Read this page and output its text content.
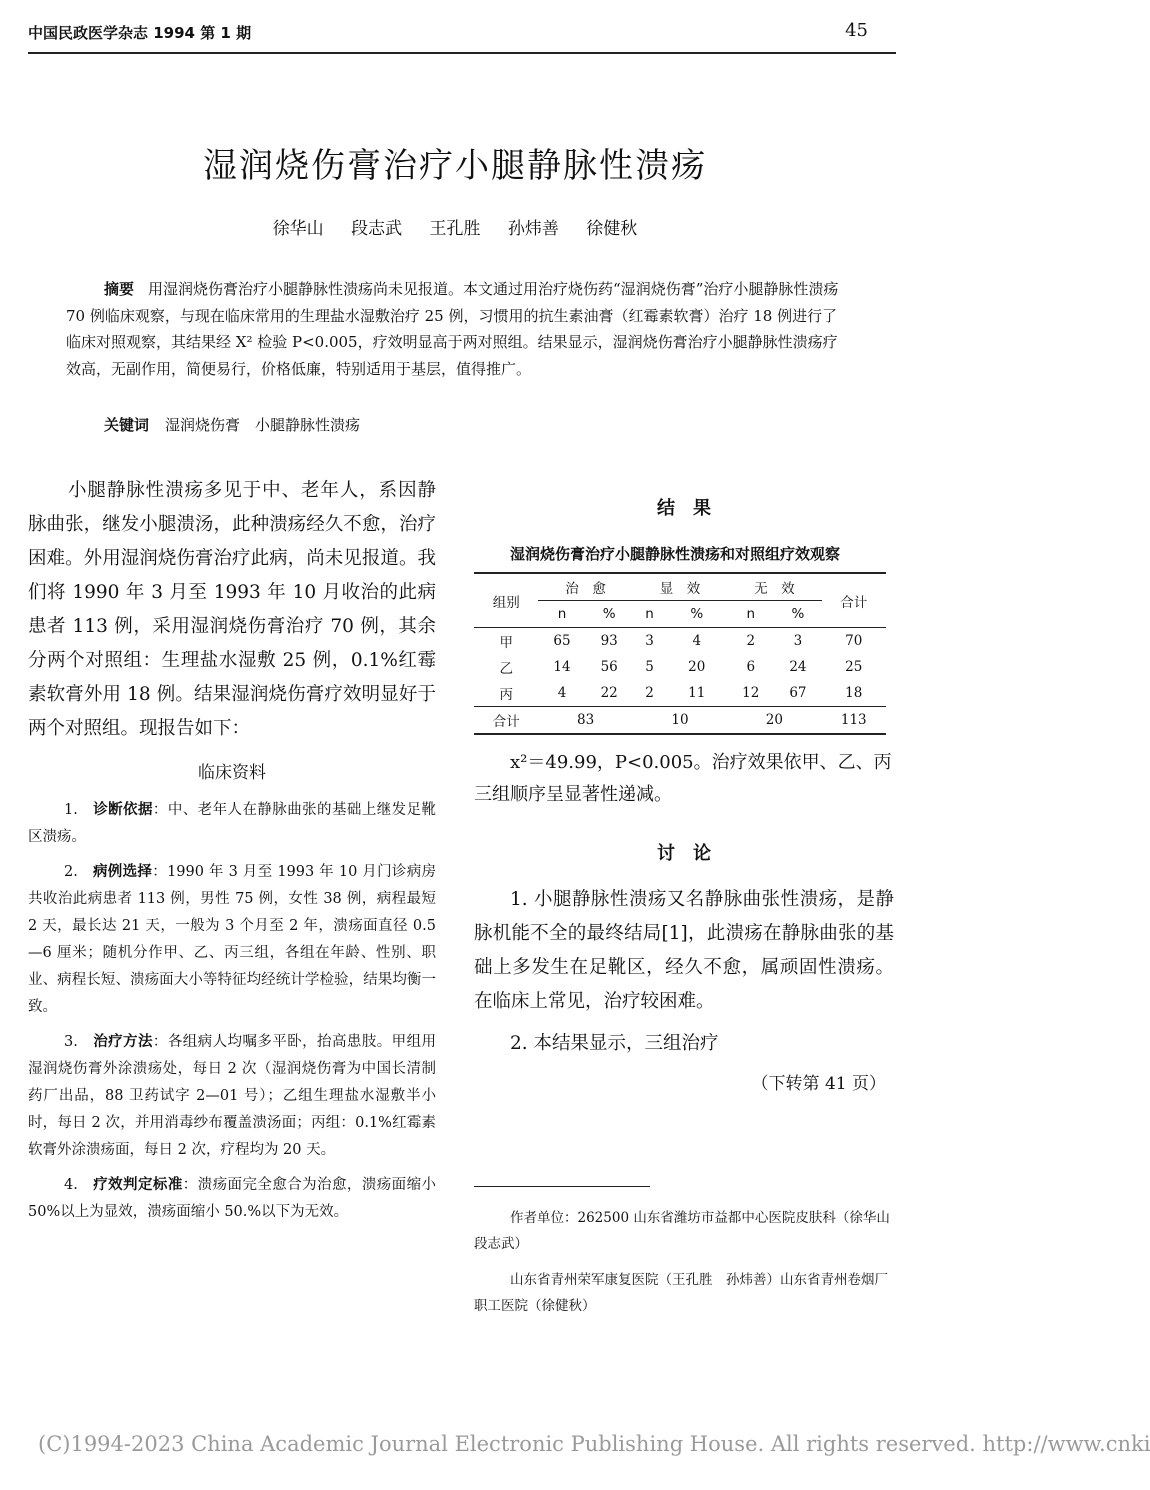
中国民政医学杂志 1994 第 1 期	45
湿润烧伤膏治疗小腿静脉性溃疡
徐华山 段志武 王孔胜 孙炜善 徐健秋
摘要 用湿润烧伤膏治疗小腿静脉性溃疡尚未见报道。本文通过用治疗烧伤药“湿润烧伤膏”治疗小腿静脉性溃疡 70 例临床观察，与现在临床常用的生理盐水湿敷治疗 25 例，习惯用的抗生素油膏（红霉素软膏）治疗 18 例进行了临床对照观察，其结果经 X² 检验 P<0.005，疗效明显高于两对照组。结果显示，湿润烧伤膏治疗小腿静脉性溃疡疗效高，无副作用，简便易行，价格低廉，特别适用于基层，值得推广。
关键词 湿润烧伤膏　小腿静脉性溃疡

小腿静脉性溃疡多见于中、老年人，系因静脉曲张，继发小腿溃汤，此种溃疡经久不愈，治疗困难。外用湿润烧伤膏治疗此病，尚未见报道。我们将 1990 年 3 月至 1993 年 10 月收治的此病患者 113 例，采用湿润烧伤膏治疗 70 例，其余分两个对照组：生理盐水湿敷 25 例，0.1%红霉素软膏外用 18 例。结果湿润烧伤膏疗效明显好于两个对照组。现报告如下：

临床资料

1.　 诊断依据：中、老年人在静脉曲张的基础上继发足靴区溃疡。

2.　 病例选择：1990 年 3 月至 1993 年 10 月门诊病房共收治此病患者 113 例，男性 75 例，女性 38 例，病程最短 2 天，最长达 21 天，一般为 3 个月至 2 年，溃疡面直径 0.5—6 厘米；随机分作甲、乙、丙三组，各组在年龄、性别、职业、病程长短、溃疡面大小等特征均经统计学检验，结果均衡一致。

3.　 治疗方法：各组病人均嘱多平卧，抬高患肢。甲组用湿润烧伤膏外涂溃疡处，每日 2 次（湿润烧伤膏为中国长清制药厂出品，88 卫药试字 2—01 号）；乙组生理盐水湿敷半小时，每日 2 次，并用消毒纱布覆盖溃汤面；丙组：0.1%红霉素软膏外涂溃疡面，每日 2 次，疗程均为 20 天。

4.　 疗效判定标准：溃疡面完全愈合为治愈，溃疡面缩小 50%以上为显效，溃疡面缩小 50.%以下为无效。

结　果
湿润烧伤膏治疗小腿静脉性溃疡和对照组疗效观察
组别	治　愈		显　效		无　效		合计
	n	%	n	%	n	%	
甲	65	93	3	4	2	3	70
乙	14	56	5	20	6	24	25
丙	4	22	2	11	12	67	18
合计	83		10		20		113
x²＝49.99，P<0.005。治疗效果依甲、乙、丙三组顺序呈显著性递减。
讨　论

1. 小腿静脉性溃疡又名静脉曲张性溃疡，是静脉机能不全的最终结局[1]，此溃疡在静脉曲张的基础上多发生在足靴区，经久不愈，属顽固性溃疡。在临床上常见，治疗较困难。

2. 本结果显示，三组治疗

（下转第 41 页）
作者单位：262500 山东省潍坊市益都中心医院皮肤科（徐华山　段志武）
山东省青州荣军康复医院（王孔胜　孙炜善）山东省青州卷烟厂职工医院（徐健秋）
(C)1994-2023 China Academic Journal Electronic Publishing House. All rights reserved. http://www.cnki
